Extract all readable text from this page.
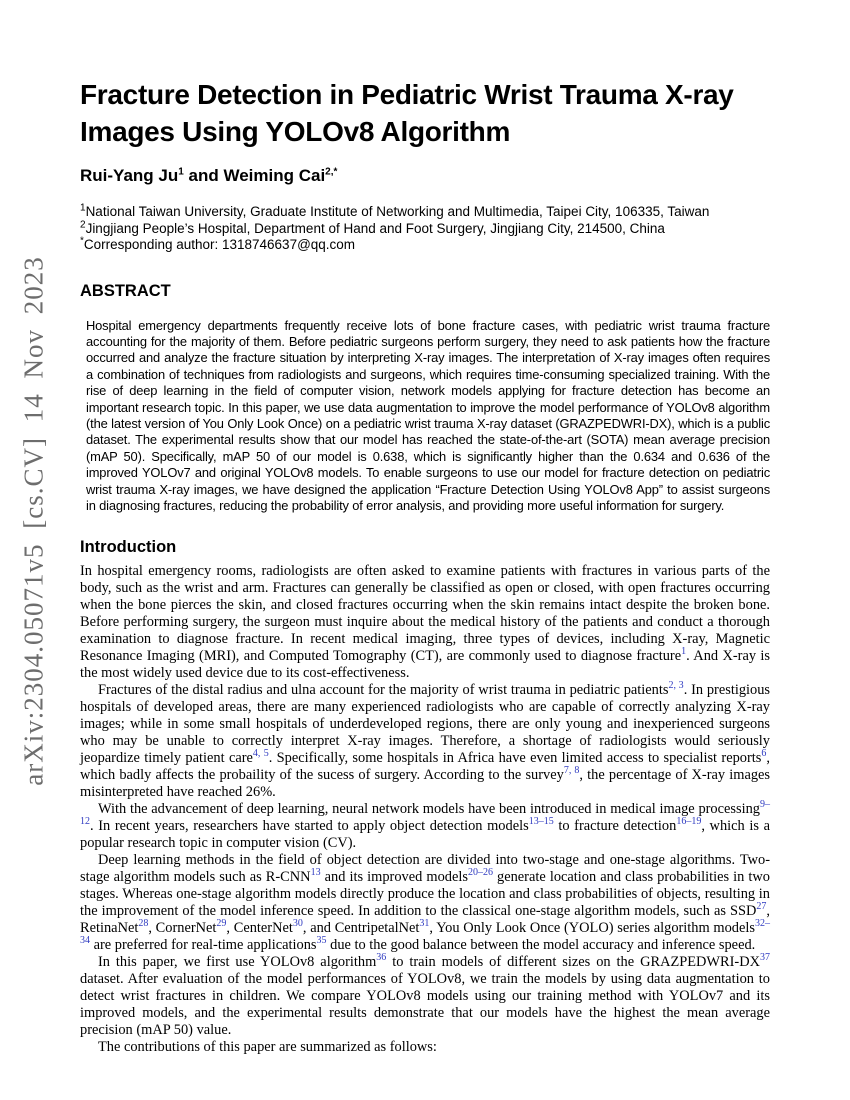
arXiv:2304.05071v5 [cs.CV] 14 Nov 2023
Fracture Detection in Pediatric Wrist Trauma X-ray Images Using YOLOv8 Algorithm
Rui-Yang Ju$^1$ and Weiming Cai$^{2,*}$
$^1$National Taiwan University, Graduate Institute of Networking and Multimedia, Taipei City, 106335, Taiwan
$^2$Jingjiang People’s Hospital, Department of Hand and Foot Surgery, Jingjiang City, 214500, China
*Corresponding author: 1318746637@qq.com
ABSTRACT
Hospital emergency departments frequently receive lots of bone fracture cases, with pediatric wrist trauma fracture accounting for the majority of them. Before pediatric surgeons perform surgery, they need to ask patients how the fracture occurred and analyze the fracture situation by interpreting X-ray images. The interpretation of X-ray images often requires a combination of techniques from radiologists and surgeons, which requires time-consuming specialized training. With the rise of deep learning in the field of computer vision, network models applying for fracture detection has become an important research topic. In this paper, we use data augmentation to improve the model performance of YOLOv8 algorithm (the latest version of You Only Look Once) on a pediatric wrist trauma X-ray dataset (GRAZPEDWRI-DX), which is a public dataset. The experimental results show that our model has reached the state-of-the-art (SOTA) mean average precision (mAP 50). Specifically, mAP 50 of our model is 0.638, which is significantly higher than the 0.634 and 0.636 of the improved YOLOv7 and original YOLOv8 models. To enable surgeons to use our model for fracture detection on pediatric wrist trauma X-ray images, we have designed the application “Fracture Detection Using YOLOv8 App” to assist surgeons in diagnosing fractures, reducing the probability of error analysis, and providing more useful information for surgery.
Introduction

In hospital emergency rooms, radiologists are often asked to examine patients with fractures in various parts of the body, such as the wrist and arm. Fractures can generally be classified as open or closed, with open fractures occurring when the bone pierces the skin, and closed fractures occurring when the skin remains intact despite the broken bone. Before performing surgery, the surgeon must inquire about the medical history of the patients and conduct a thorough examination to diagnose fracture. In recent medical imaging, three types of devices, including X-ray, Magnetic Resonance Imaging (MRI), and Computed Tomography (CT), are commonly used to diagnose fracture$^1$. And X-ray is the most widely used device due to its cost-effectiveness.

Fractures of the distal radius and ulna account for the majority of wrist trauma in pediatric patients$^{2, 3}$. In prestigious hospitals of developed areas, there are many experienced radiologists who are capable of correctly analyzing X-ray images; while in some small hospitals of underdeveloped regions, there are only young and inexperienced surgeons who may be unable to correctly interpret X-ray images. Therefore, a shortage of radiologists would seriously jeopardize timely patient care$^{4, 5}$. Specifically, some hospitals in Africa have even limited access to specialist reports$^6$, which badly affects the probaility of the sucess of surgery. According to the survey$^{7, 8}$, the percentage of X-ray images misinterpreted have reached 26%.

With the advancement of deep learning, neural network models have been introduced in medical image processing$^{9-12}$. In recent years, researchers have started to apply object detection models$^{13-15}$ to fracture detection$^{16-19}$, which is a popular research topic in computer vision (CV).

Deep learning methods in the field of object detection are divided into two-stage and one-stage algorithms. Two-stage algorithm models such as R-CNN$^{13}$ and its improved models$^{20-26}$ generate location and class probabilities in two stages. Whereas one-stage algorithm models directly produce the location and class probabilities of objects, resulting in the improvement of the model inference speed. In addition to the classical one-stage algorithm models, such as SSD$^{27}$, RetinaNet$^{28}$, CornerNet$^{29}$, CenterNet$^{30}$, and CentripetalNet$^{31}$, You Only Look Once (YOLO) series algorithm models$^{32-34}$ are preferred for real-time applications$^{35}$ due to the good balance between the model accuracy and inference speed.

In this paper, we first use YOLOv8 algorithm$^{36}$ to train models of different sizes on the GRAZPEDWRI-DX$^{37}$ dataset. After evaluation of the model performances of YOLOv8, we train the models by using data augmentation to detect wrist fractures in children. We compare YOLOv8 models using our training method with YOLOv7 and its improved models, and the experimental results demonstrate that our models have the highest the mean average precision (mAP 50) value.

The contributions of this paper are summarized as follows:
